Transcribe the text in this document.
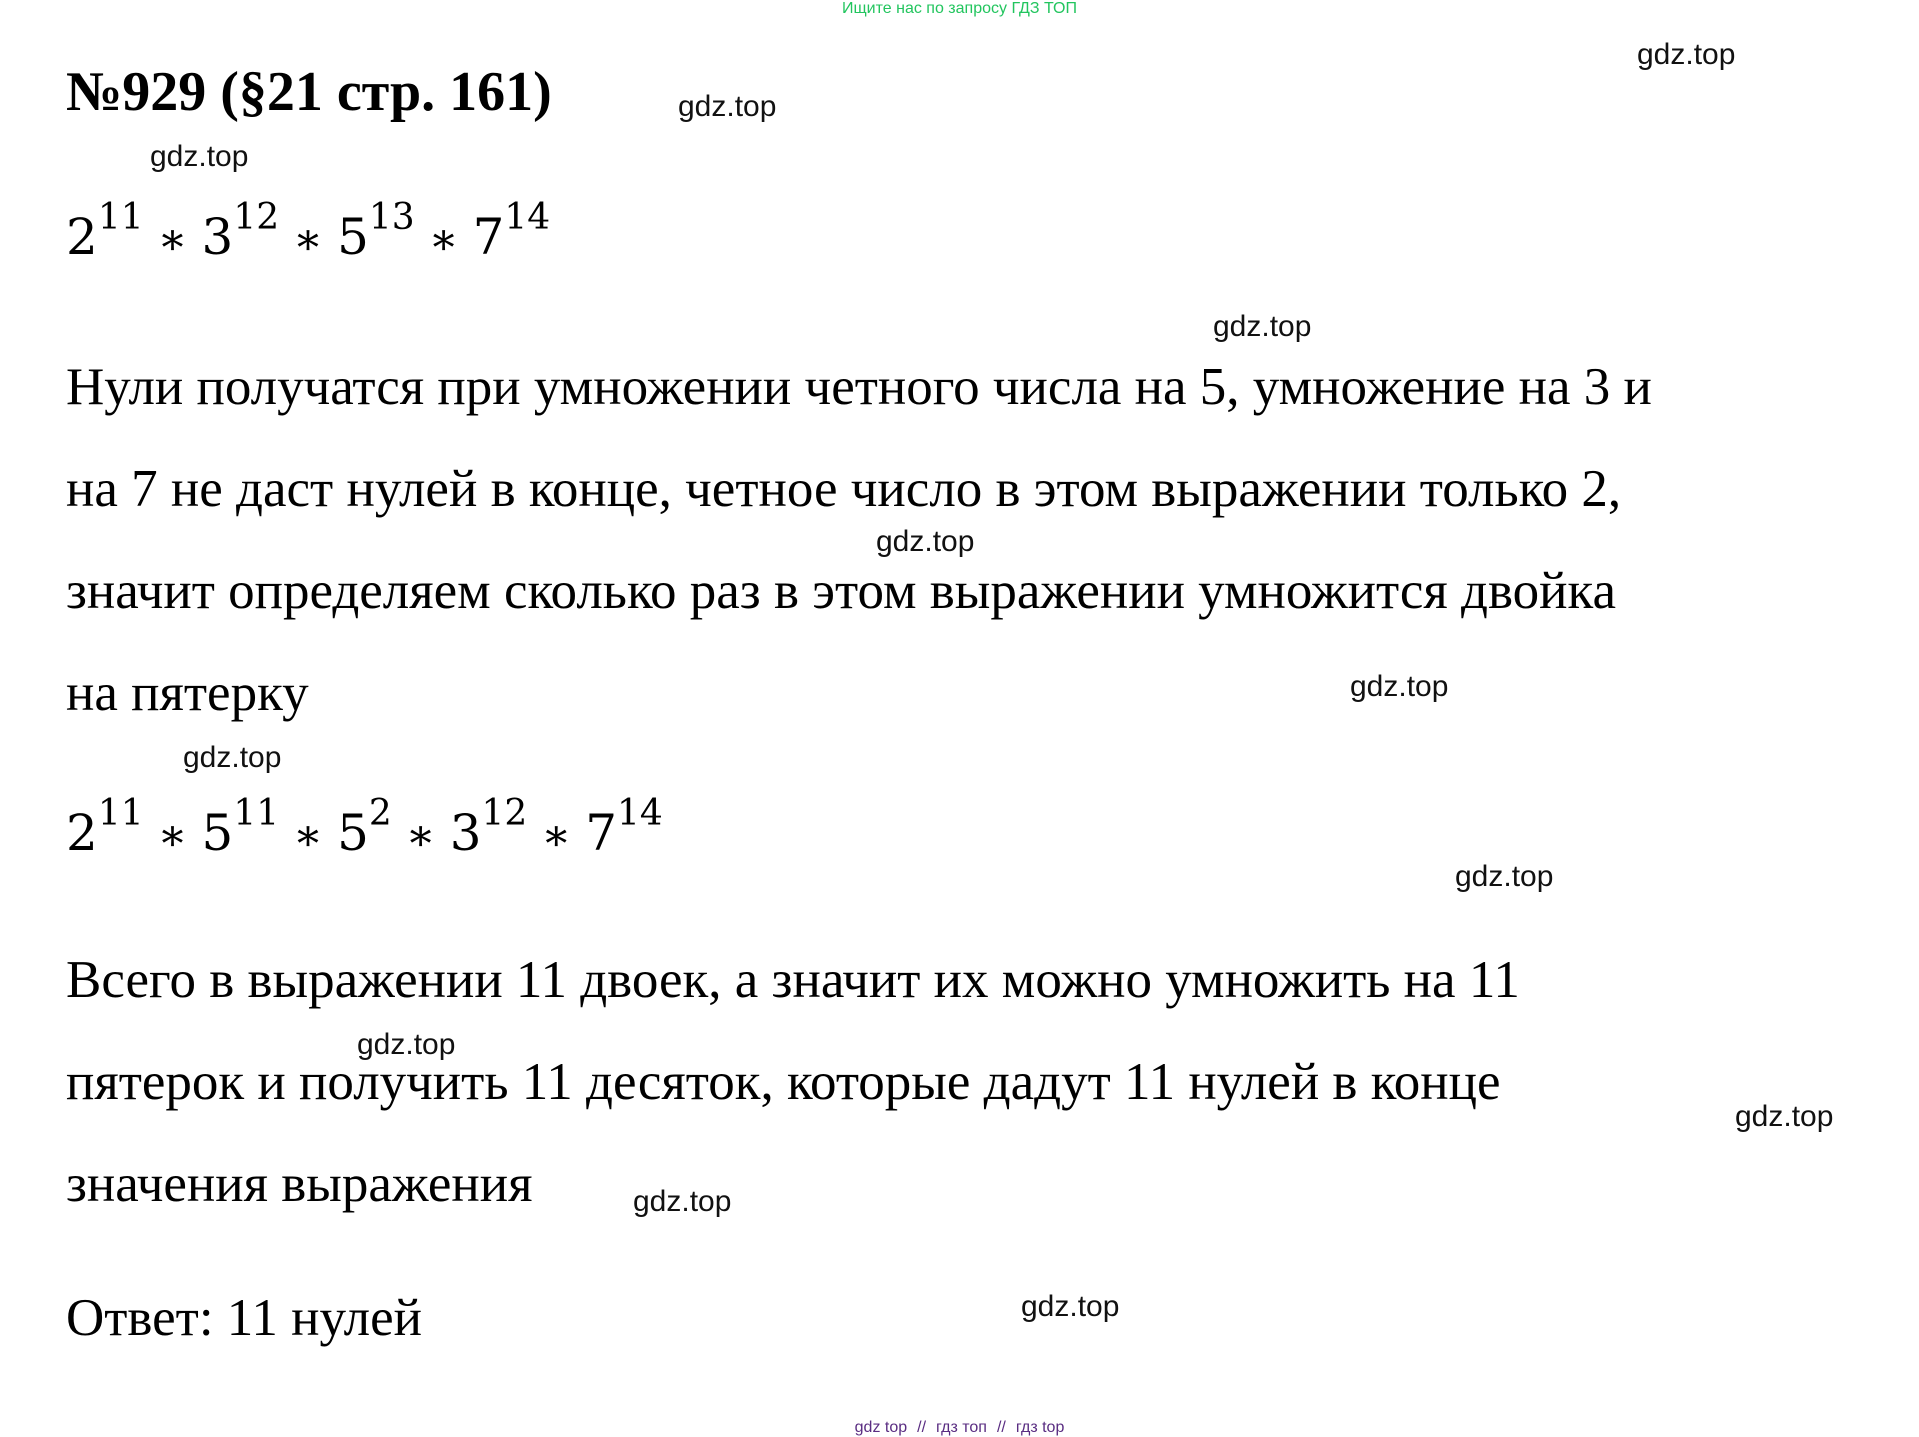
Ищите нас по запросу ГДЗ ТОП
№929 (§21 стр. 161)
gdz.top
gdz.top
gdz.top
gdz.top
gdz.top
gdz.top
gdz.top
gdz.top
gdz.top
gdz.top
gdz.top
gdz.top
$2^{11}$ ∗ $3^{12}$ ∗ $5^{13}$ ∗ $7^{14}$

Нули получатся при умножении четного числа на 5, умножение на 3 и
на 7 не даст нулей в конце, четное число в этом выражении только 2,
значит определяем сколько раз в этом выражении умножится двойка
на пятерку

$2^{11}$ ∗ $5^{11}$ ∗ $5^2$ ∗ $3^{12}$ ∗ $7^{14}$

Всего в выражении 11 двоек, а значит их можно умножить на 11
пятерок и получить 11 десяток, которые дадут 11 нулей в конце
значения выражения

Ответ: 11 нулей

gdz top // гдз топ // гдз top
